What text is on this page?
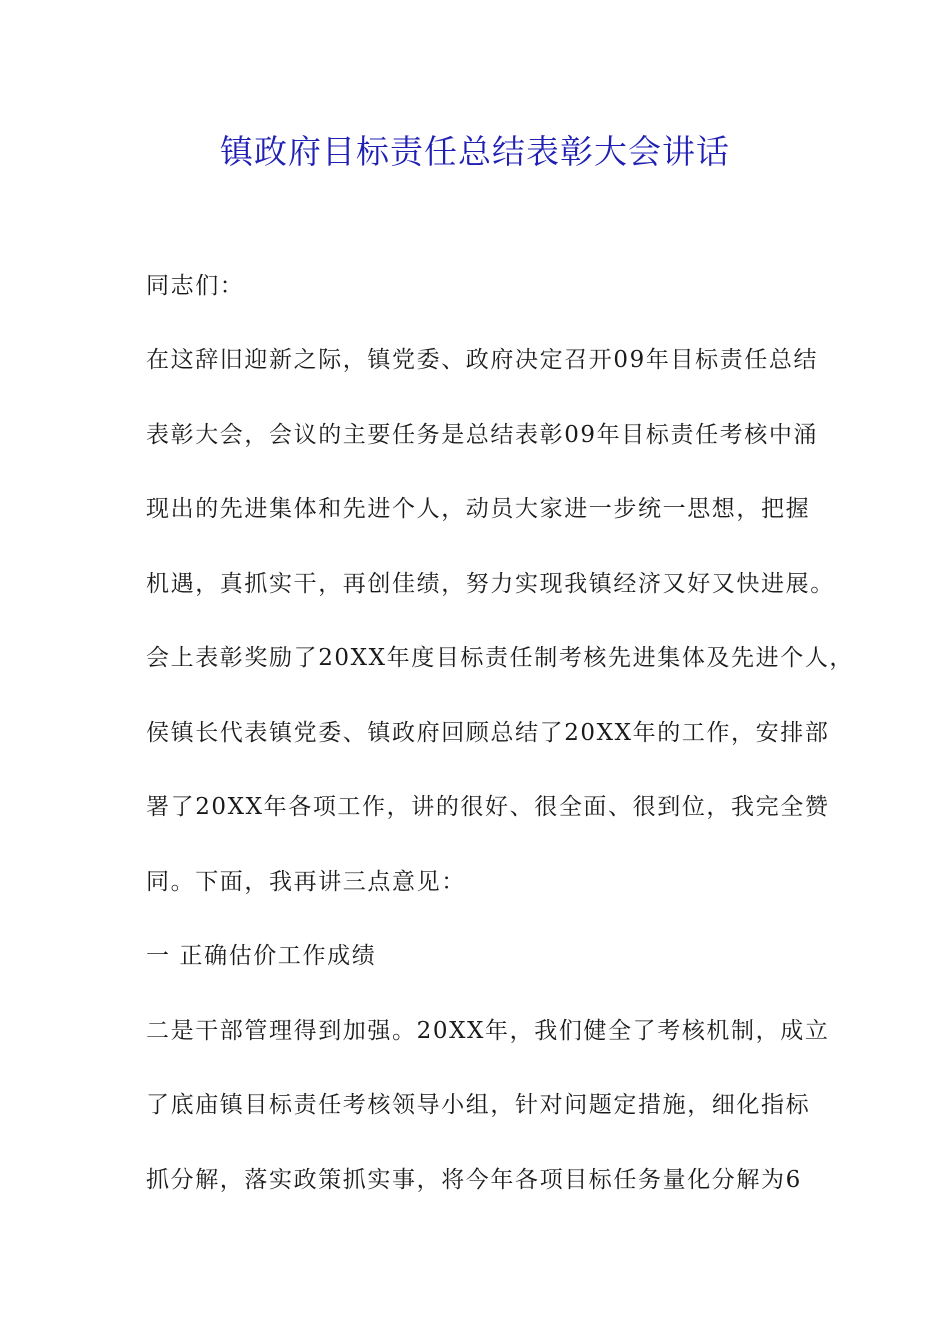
镇政府目标责任总结表彰大会讲话
同志们：
在这辞旧迎新之际，镇党委、政府决定召开09年目标责任总结
表彰大会，会议的主要任务是总结表彰09年目标责任考核中涌
现出的先进集体和先进个人，动员大家进一步统一思想，把握
机遇，真抓实干，再创佳绩，努力实现我镇经济又好又快进展。
会上表彰奖励了20XX年度目标责任制考核先进集体及先进个人，
侯镇长代表镇党委、镇政府回顾总结了20XX年的工作，安排部
署了20XX年各项工作，讲的很好、很全面、很到位，我完全赞
同。下面，我再讲三点意见：
一 正确估价工作成绩
二是干部管理得到加强。20XX年，我们健全了考核机制，成立
了底庙镇目标责任考核领导小组，针对问题定措施，细化指标
抓分解，落实政策抓实事，将今年各项目标任务量化分解为6
